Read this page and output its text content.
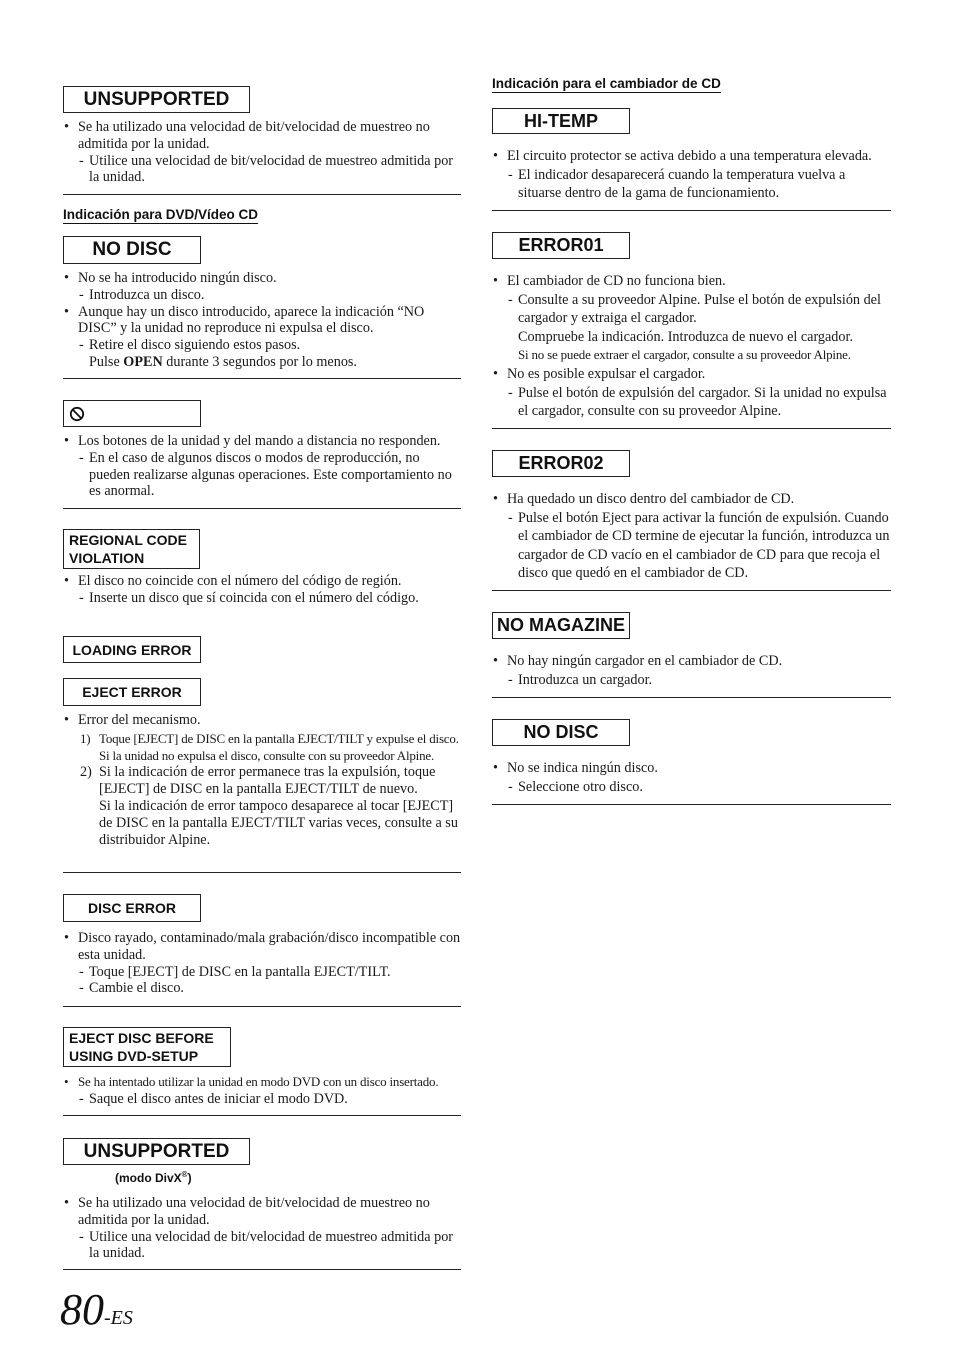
UNSUPPORTED
• Se ha utilizado una velocidad de bit/velocidad de muestreo no admitida por la unidad.
- Utilice una velocidad de bit/velocidad de muestreo admitida por la unidad.
Indicación para DVD/Vídeo CD
NO DISC
• No se ha introducido ningún disco.
- Introduzca un disco.
• Aunque hay un disco introducido, aparece la indicación “NO DISC” y la unidad no reproduce ni expulsa el disco.
- Retire el disco siguiendo estos pasos.
Pulse OPEN durante 3 segundos por lo menos.
• Los botones de la unidad y del mando a distancia no responden.
- En el caso de algunos discos o modos de reproducción, no pueden realizarse algunas operaciones. Este comportamiento no es anormal.
REGIONAL CODE
VIOLATION
• El disco no coincide con el número del código de región.
- Inserte un disco que sí coincida con el número del código.
LOADING ERROR
EJECT ERROR
• Error del mecanismo.
1) Toque [EJECT] de DISC en la pantalla EJECT/TILT y expulse el disco.
Si la unidad no expulsa el disco, consulte con su proveedor Alpine.
2) Si la indicación de error permanece tras la expulsión, toque [EJECT] de DISC en la pantalla EJECT/TILT de nuevo.
Si la indicación de error tampoco desaparece al tocar [EJECT] de DISC en la pantalla EJECT/TILT varias veces, consulte a su distribuidor Alpine.
DISC ERROR
• Disco rayado, contaminado/mala grabación/disco incompatible con esta unidad.
- Toque [EJECT] de DISC en la pantalla EJECT/TILT.
- Cambie el disco.
EJECT DISC BEFORE
USING DVD-SETUP
• Se ha intentado utilizar la unidad en modo DVD con un disco insertado.
- Saque el disco antes de iniciar el modo DVD.
UNSUPPORTED
(modo DivX®)
• Se ha utilizado una velocidad de bit/velocidad de muestreo no admitida por la unidad.
- Utilice una velocidad de bit/velocidad de muestreo admitida por la unidad.
Indicación para el cambiador de CD
HI-TEMP
• El circuito protector se activa debido a una temperatura elevada.
- El indicador desaparecerá cuando la temperatura vuelva a situarse dentro de la gama de funcionamiento.
ERROR01
• El cambiador de CD no funciona bien.
- Consulte a su proveedor Alpine. Pulse el botón de expulsión del cargador y extraiga el cargador.
Compruebe la indicación. Introduzca de nuevo el cargador.
Si no se puede extraer el cargador, consulte a su proveedor Alpine.
• No es posible expulsar el cargador.
- Pulse el botón de expulsión del cargador. Si la unidad no expulsa el cargador, consulte con su proveedor Alpine.
ERROR02
• Ha quedado un disco dentro del cambiador de CD.
- Pulse el botón Eject para activar la función de expulsión. Cuando el cambiador de CD termine de ejecutar la función, introduzca un cargador de CD vacío en el cambiador de CD para que recoja el disco que quedó en el cambiador de CD.
NO MAGAZINE
• No hay ningún cargador en el cambiador de CD.
- Introduzca un cargador.
NO DISC
• No se indica ningún disco.
- Seleccione otro disco.
80-ES
